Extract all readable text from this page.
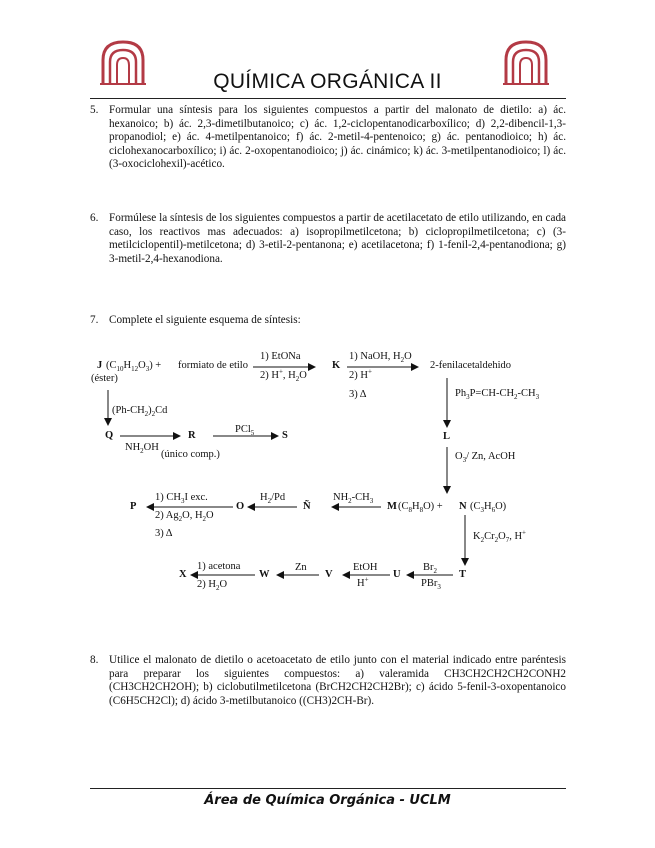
QUÍMICA ORGÁNICA II
5. Formular una síntesis para los siguientes compuestos a partir del malonato de dietilo: a) ác. hexanoico; b) ác. 2,3-dimetilbutanoico; c) ác. 1,2-ciclopentanodicarboxílico; d) 2,2-dibencil-1,3-propanodiol; e) ác. 4-metilpentanoico; f) ác. 2-metil-4-pentenoico; g) ác. pentanodioico; h) ác. ciclohexanocarboxílico; i) ác. 2-oxopentanodioico; j) ác. cinámico; k) ác. 3-metilpentanodioico; l) ác. (3-oxociclohexil)-acético.
6. Formúlese la síntesis de los siguientes compuestos a partir de acetilacetato de etilo utilizando, en cada caso, los reactivos mas adecuados: a) isopropilmetilcetona; b) ciclopropilmetilcetona; c) (3-metilciclopentil)-metilcetona; d) 3-etil-2-pentanona; e) acetilacetona; f) 1-fenil-2,4-pentanodiona; g) 3-metil-2,4-hexanodiona.
7. Complete el siguiente esquema de síntesis:
J $(C_{10}H_{12}O_3)$ +
(éster)
formiato de etilo
1) EtONa
2) H+, $H_2O$
K
1) NaOH, $H_2O$
2) H+
3) Δ
2-fenilacetaldehido
$Ph_3P=CH-CH_2-CH_3$
$(Ph-CH_2)_2Cd$
Q
$NH_2OH$
(único comp.)
R
PCl$_5$	S	L
$O_3/$ Zn, AcOH
1) $CH_3I$ exc.
2) $Ag_2O$, $H_2O$
3) Δ
P
$H_2/Pd$
O
$NH_2-CH_3$
Ñ	M $(C_8H_8O) + N$ $(C_3H_6O)$
$K_2Cr_2O_7$, H+
X
1) acetona
2) $H_2O$
W
Zn
V
EtOH
H+ U
$Br_2$
PBr$_3$
T
8. Utilice el malonato de dietilo o acetoacetato de etilo junto con el material indicado entre paréntesis para preparar los siguientes compuestos: a) valeramida CH3CH2CH2CH2CONH2 (CH3CH2CH2OH); b) ciclobutilmetilcetona (BrCH2CH2CH2Br); c) ácido 5-fenil-3-oxopentanoico (C6H5CH2Cl); d) ácido 3-metilbutanoico ((CH3)2CH-Br).
Área de Química Orgánica - UCLM
